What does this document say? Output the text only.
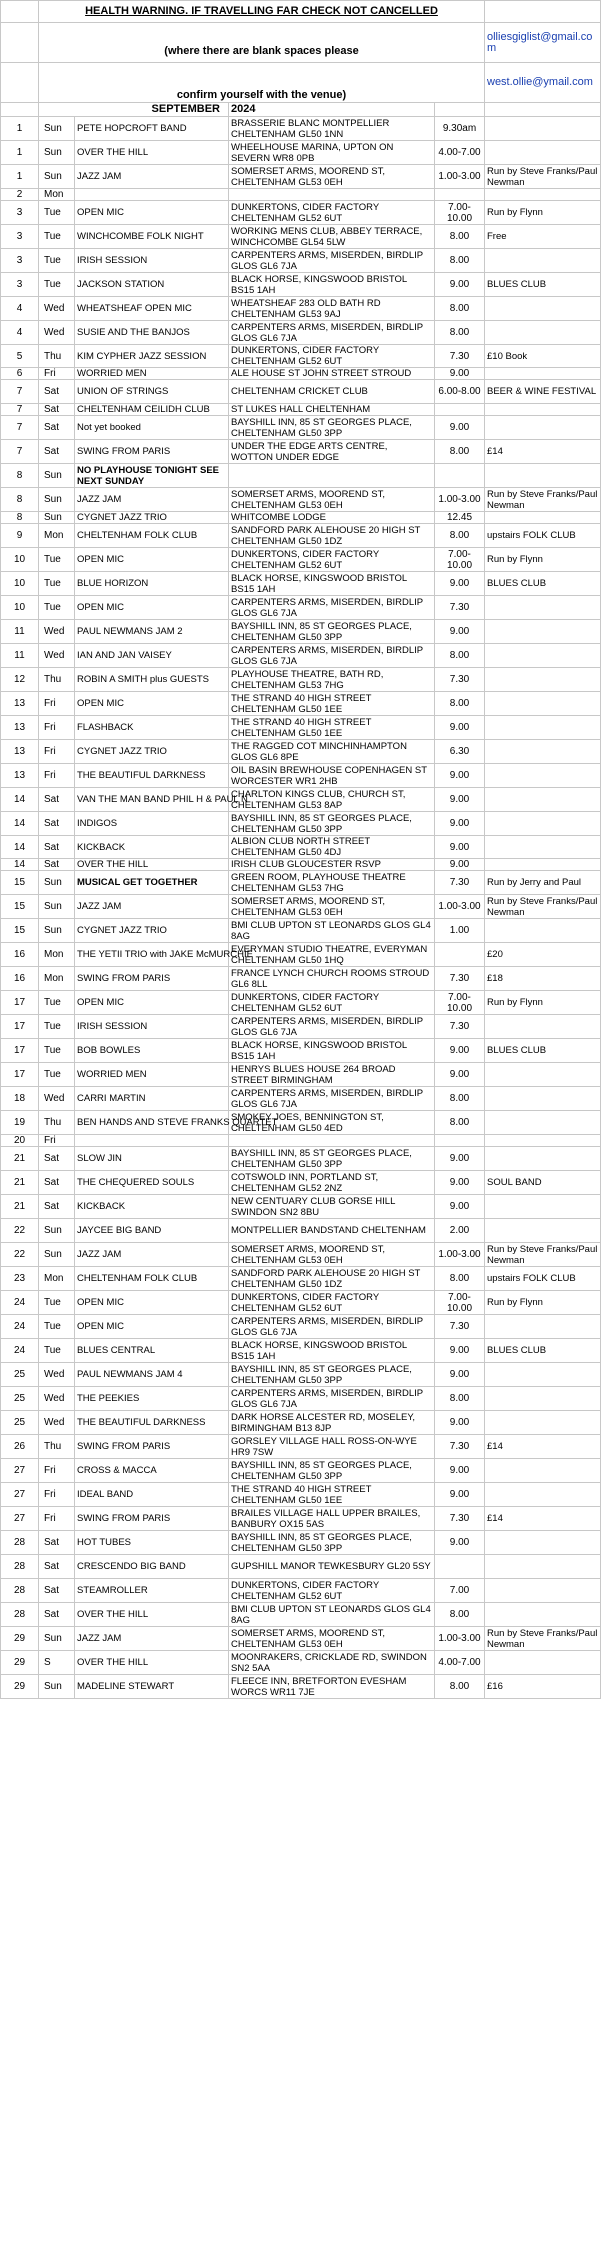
	HEALTH WARNING. IF TRAVELLING FAR CHECK NOT CANCELLED				
	(where there are blank spaces please				olliesgiglist@gmail.com
	confirm yourself with the venue)				west.ollie@ymail.com
	SEPTEMBER		2024		
1	Sun	PETE HOPCROFT BAND	BRASSERIE BLANC MONTPELLIER CHELTENHAM GL50 1NN	9.30am	
1	Sun	OVER THE HILL	WHEELHOUSE MARINA, UPTON ON SEVERN WR8 0PB	4.00-7.00	
1	Sun	JAZZ JAM	SOMERSET ARMS, MOOREND ST, CHELTENHAM GL53 0EH	1.00-3.00	Run by Steve Franks/Paul Newman
2	Mon				
3	Tue	OPEN MIC	DUNKERTONS, CIDER FACTORY CHELTENHAM GL52 6UT	7.00-10.00	Run by Flynn
3	Tue	WINCHCOMBE FOLK NIGHT	WORKING MENS CLUB, ABBEY TERRACE, WINCHCOMBE GL54 5LW	8.00	Free
3	Tue	IRISH SESSION	CARPENTERS ARMS, MISERDEN, BIRDLIP GLOS GL6 7JA	8.00	
3	Tue	JACKSON STATION	BLACK HORSE, KINGSWOOD BRISTOL BS15 1AH	9.00	BLUES CLUB
4	Wed	WHEATSHEAF OPEN MIC	WHEATSHEAF 283 OLD BATH RD CHELTENHAM GL53 9AJ	8.00	
4	Wed	SUSIE AND THE BANJOS	CARPENTERS ARMS, MISERDEN, BIRDLIP GLOS GL6 7JA	8.00	
5	Thu	KIM CYPHER JAZZ SESSION	DUNKERTONS, CIDER FACTORY CHELTENHAM GL52 6UT	7.30	£10 Book
6	Fri	WORRIED MEN	ALE HOUSE ST JOHN STREET STROUD	9.00	
7	Sat	UNION OF STRINGS	CHELTENHAM CRICKET CLUB	6.00-8.00	BEER & WINE FESTIVAL
7	Sat	CHELTENHAM CEILIDH CLUB	ST LUKES HALL CHELTENHAM		
7	Sat	Not yet booked	BAYSHILL INN, 85 ST GEORGES PLACE, CHELTENHAM GL50 3PP	9.00	
7	Sat	SWING FROM PARIS	UNDER THE EDGE ARTS CENTRE, WOTTON UNDER EDGE	8.00	£14
8	Sun	NO PLAYHOUSE TONIGHT SEE NEXT SUNDAY			
8	Sun	JAZZ JAM	SOMERSET ARMS, MOOREND ST, CHELTENHAM GL53 0EH	1.00-3.00	Run by Steve Franks/Paul Newman
8	Sun	CYGNET JAZZ TRIO	WHITCOMBE LODGE	12.45	
9	Mon	CHELTENHAM FOLK CLUB	SANDFORD PARK ALEHOUSE 20 HIGH ST CHELTENHAM GL50 1DZ	8.00	upstairs FOLK CLUB
10	Tue	OPEN MIC	DUNKERTONS, CIDER FACTORY CHELTENHAM GL52 6UT	7.00-10.00	Run by Flynn
10	Tue	BLUE HORIZON	BLACK HORSE, KINGSWOOD BRISTOL BS15 1AH	9.00	BLUES CLUB
10	Tue	OPEN MIC	CARPENTERS ARMS, MISERDEN, BIRDLIP GLOS GL6 7JA	7.30	
11	Wed	PAUL NEWMANS JAM 2	BAYSHILL INN, 85 ST GEORGES PLACE, CHELTENHAM GL50 3PP	9.00	
11	Wed	IAN AND JAN VAISEY	CARPENTERS ARMS, MISERDEN, BIRDLIP GLOS GL6 7JA	8.00	
12	Thu	ROBIN A SMITH plus GUESTS	PLAYHOUSE THEATRE, BATH RD, CHELTENHAM GL53 7HG	7.30	
13	Fri	OPEN MIC	THE STRAND 40 HIGH STREET CHELTENHAM GL50 1EE	8.00	
13	Fri	FLASHBACK	THE STRAND 40 HIGH STREET CHELTENHAM GL50 1EE	9.00	
13	Fri	CYGNET JAZZ TRIO	THE RAGGED COT MINCHINHAMPTON GLOS GL6 8PE	6.30	
13	Fri	THE BEAUTIFUL DARKNESS	OIL BASIN BREWHOUSE COPENHAGEN ST WORCESTER WR1 2HB	9.00	
14	Sat	VAN THE MAN BAND PHIL H & PAUL N	CHARLTON KINGS CLUB, CHURCH ST, CHELTENHAM GL53 8AP	9.00	
14	Sat	INDIGOS	BAYSHILL INN, 85 ST GEORGES PLACE, CHELTENHAM GL50 3PP	9.00	
14	Sat	KICKBACK	ALBION CLUB NORTH STREET CHELTENHAM GL50 4DJ	9.00	
14	Sat	OVER THE HILL	IRISH CLUB GLOUCESTER RSVP	9.00	
15	Sun	MUSICAL GET TOGETHER	GREEN ROOM, PLAYHOUSE THEATRE CHELTENHAM GL53 7HG	7.30	Run by Jerry and Paul
15	Sun	JAZZ JAM	SOMERSET ARMS, MOOREND ST, CHELTENHAM GL53 0EH	1.00-3.00	Run by Steve Franks/Paul Newman
15	Sun	CYGNET JAZZ TRIO	BMI CLUB UPTON ST LEONARDS GLOS GL4 8AG	1.00	
16	Mon	THE YETII TRIO with JAKE McMURCHIE	EVERYMAN STUDIO THEATRE, EVERYMAN CHELTENHAM GL50 1HQ		£20
16	Mon	SWING FROM PARIS	FRANCE LYNCH CHURCH ROOMS STROUD GL6 8LL	7.30	£18
17	Tue	OPEN MIC	DUNKERTONS, CIDER FACTORY CHELTENHAM GL52 6UT	7.00-10.00	Run by Flynn
17	Tue	IRISH SESSION	CARPENTERS ARMS, MISERDEN, BIRDLIP GLOS GL6 7JA	7.30	
17	Tue	BOB BOWLES	BLACK HORSE, KINGSWOOD BRISTOL BS15 1AH	9.00	BLUES CLUB
17	Tue	WORRIED MEN	HENRYS BLUES HOUSE 264 BROAD STREET BIRMINGHAM	9.00	
18	Wed	CARRI MARTIN	CARPENTERS ARMS, MISERDEN, BIRDLIP GLOS GL6 7JA	8.00	
19	Thu	BEN HANDS AND STEVE FRANKS QUARTET	SMOKEY JOES, BENNINGTON ST, CHELTENHAM GL50 4ED	8.00	
20	Fri				
21	Sat	SLOW JIN	BAYSHILL INN, 85 ST GEORGES PLACE, CHELTENHAM GL50 3PP	9.00	
21	Sat	THE CHEQUERED SOULS	COTSWOLD INN, PORTLAND ST, CHELTENHAM GL52 2NZ	9.00	SOUL BAND
21	Sat	KICKBACK	NEW CENTUARY CLUB GORSE HILL SWINDON SN2 8BU	9.00	
22	Sun	JAYCEE BIG BAND	MONTPELLIER BANDSTAND CHELTENHAM	2.00	
22	Sun	JAZZ JAM	SOMERSET ARMS, MOOREND ST, CHELTENHAM GL53 0EH	1.00-3.00	Run by Steve Franks/Paul Newman
23	Mon	CHELTENHAM FOLK CLUB	SANDFORD PARK ALEHOUSE 20 HIGH ST CHELTENHAM GL50 1DZ	8.00	upstairs FOLK CLUB
24	Tue	OPEN MIC	DUNKERTONS, CIDER FACTORY CHELTENHAM GL52 6UT	7.00-10.00	Run by Flynn
24	Tue	OPEN MIC	CARPENTERS ARMS, MISERDEN, BIRDLIP GLOS GL6 7JA	7.30	
24	Tue	BLUES CENTRAL	BLACK HORSE, KINGSWOOD BRISTOL BS15 1AH	9.00	BLUES CLUB
25	Wed	PAUL NEWMANS JAM 4	BAYSHILL INN, 85 ST GEORGES PLACE, CHELTENHAM GL50 3PP	9.00	
25	Wed	THE PEEKIES	CARPENTERS ARMS, MISERDEN, BIRDLIP GLOS GL6 7JA	8.00	
25	Wed	THE BEAUTIFUL DARKNESS	DARK HORSE ALCESTER RD, MOSELEY, BIRMINGHAM B13 8JP	9.00	
26	Thu	SWING FROM PARIS	GORSLEY VILLAGE HALL ROSS-ON-WYE HR9 7SW	7.30	£14
27	Fri	CROSS & MACCA	BAYSHILL INN, 85 ST GEORGES PLACE, CHELTENHAM GL50 3PP	9.00	
27	Fri	IDEAL BAND	THE STRAND 40 HIGH STREET CHELTENHAM GL50 1EE	9.00	
27	Fri	SWING FROM PARIS	BRAILES VILLAGE HALL UPPER BRAILES, BANBURY OX15 5AS	7.30	£14
28	Sat	HOT TUBES	BAYSHILL INN, 85 ST GEORGES PLACE, CHELTENHAM GL50 3PP	9.00	
28	Sat	CRESCENDO BIG BAND	GUPSHILL MANOR TEWKESBURY GL20 5SY		
28	Sat	STEAMROLLER	DUNKERTONS, CIDER FACTORY CHELTENHAM GL52 6UT	7.00	
28	Sat	OVER THE HILL	BMI CLUB UPTON ST LEONARDS GLOS GL4 8AG	8.00	
29	Sun	JAZZ JAM	SOMERSET ARMS, MOOREND ST, CHELTENHAM GL53 0EH	1.00-3.00	Run by Steve Franks/Paul Newman
29	S	OVER THE HILL	MOONRAKERS, CRICKLADE RD, SWINDON SN2 5AA	4.00-7.00	
29	Sun	MADELINE STEWART	FLEECE INN, BRETFORTON EVESHAM WORCS WR11 7JE	8.00	£16
